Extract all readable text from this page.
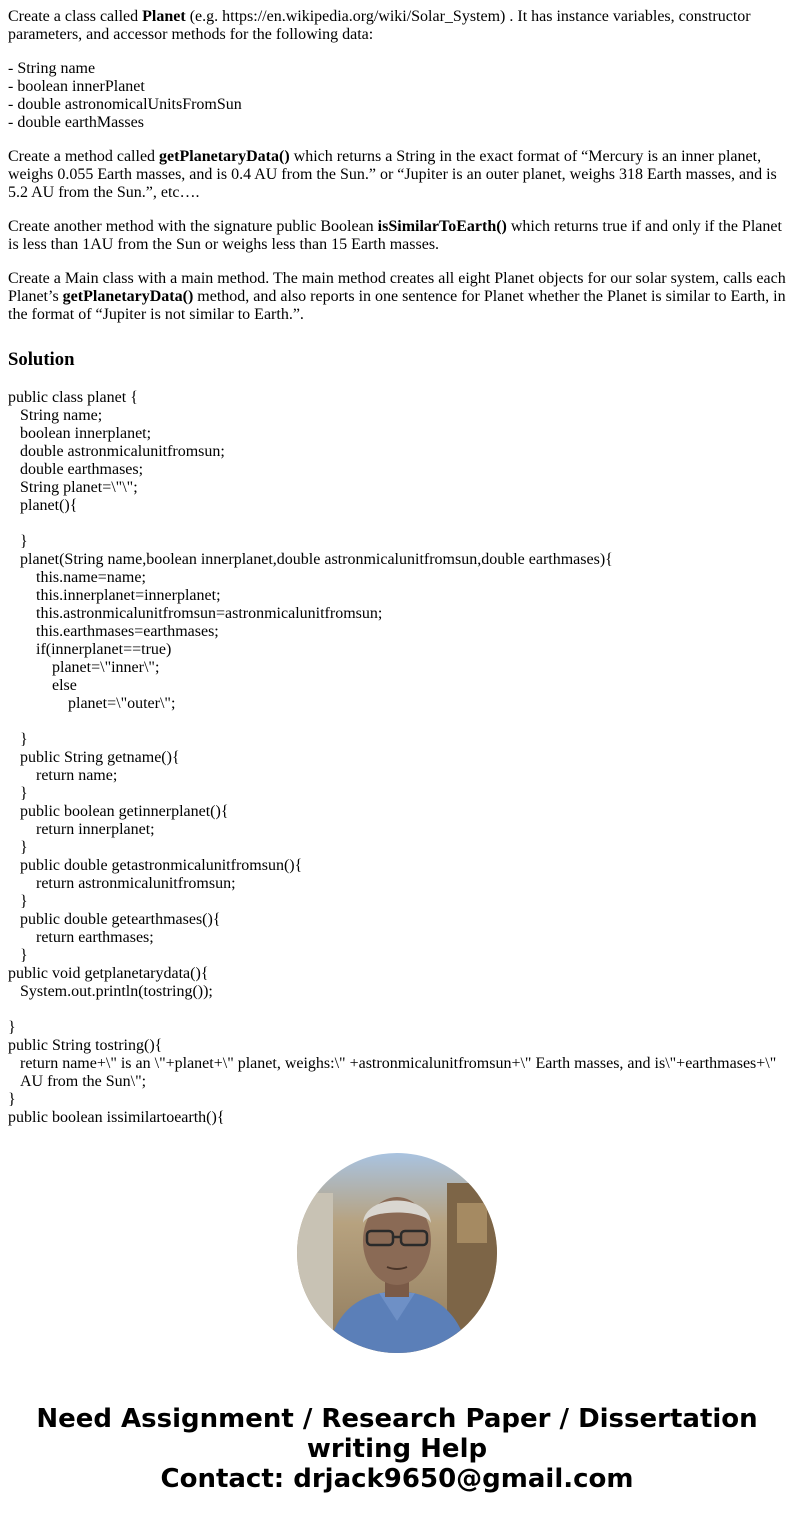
Create a class called Planet (e.g. https://en.wikipedia.org/wiki/Solar_System) . It has instance variables, constructor parameters, and accessor methods for the following data:

- String name
- boolean innerPlanet
- double astronomicalUnitsFromSun
- double earthMasses

Create a method called getPlanetaryData() which returns a String in the exact format of “Mercury is an inner planet, weighs 0.055 Earth masses, and is 0.4 AU from the Sun.” or “Jupiter is an outer planet, weighs 318 Earth masses, and is 5.2 AU from the Sun.”, etc….

Create another method with the signature public Boolean isSimilarToEarth() which returns true if and only if the Planet is less than 1AU from the Sun or weighs less than 15 Earth masses.

Create a Main class with a main method. The main method creates all eight Planet objects for our solar system, calls each Planet’s getPlanetaryData() method, and also reports in one sentence for Planet whether the Planet is similar to Earth, in the format of “Jupiter is not similar to Earth.”.

Solution
public class planet {
String name;
boolean innerplanet;
double astronmicalunitfromsun;
double earthmases;
String planet=\"\";
planet(){
}
planet(String name,boolean innerplanet,double astronmicalunitfromsun,double earthmases){
this.name=name;
this.innerplanet=innerplanet;
this.astronmicalunitfromsun=astronmicalunitfromsun;
this.earthmases=earthmases;
if(innerplanet==true)
planet=\"inner\";
else
planet=\"outer\";
}
public String getname(){
return name;
}
public boolean getinnerplanet(){
return innerplanet;
}
public double getastronmicalunitfromsun(){
return astronmicalunitfromsun;
}
public double getearthmases(){
return earthmases;
}
public void getplanetarydata(){
System.out.println(tostring());
}
public String tostring(){
return name+\" is an \"+planet+\" planet, weighs:\" +astronmicalunitfromsun+\" Earth masses, and is\"+earthmases+\" AU from the Sun\";
}
public boolean issimilartoearth(){
Need Assignment / Research Paper / Dissertation
writing Help
Contact: drjack9650@gmail.com
